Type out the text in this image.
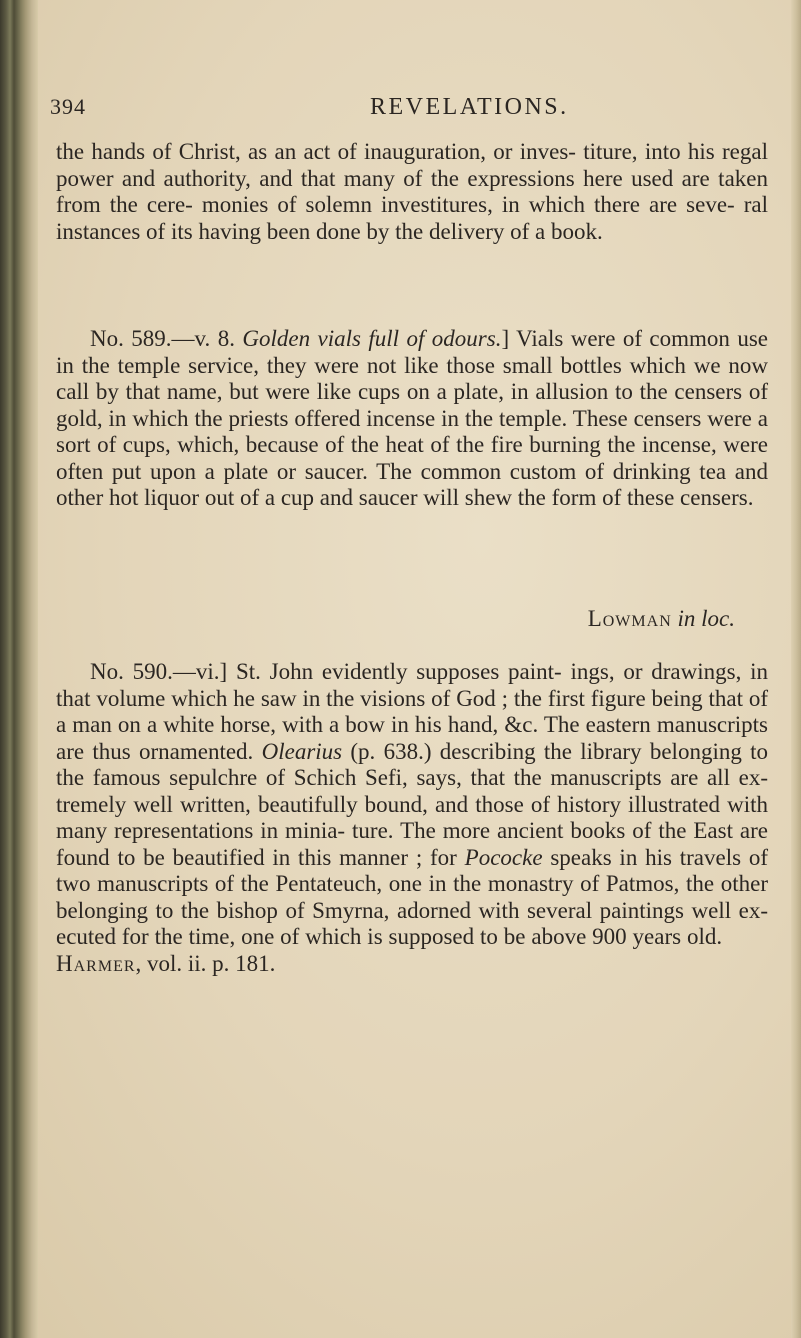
394	REVELATIONS.

the hands of Christ, as an act of inauguration, or inves- titure, into his regal power and authority, and that many of the expressions here used are taken from the cere- monies of solemn investitures, in which there are seve- ral instances of its having been done by the delivery of a book.

No. 589.—v. 8. Golden vials full of odours.] Vials were of common use in the temple service, they were not like those small bottles which we now call by that name, but were like cups on a plate, in allusion to the censers of gold, in which the priests offered incense in the temple. These censers were a sort of cups, which, because of the heat of the fire burning the incense, were often put upon a plate or saucer. The common custom of drinking tea and other hot liquor out of a cup and saucer will shew the form of these censers.

Lowman in loc.

No. 590.—vi.] St. John evidently supposes paint- ings, or drawings, in that volume which he saw in the visions of God ; the first figure being that of a man on a white horse, with a bow in his hand, &c. The eastern manuscripts are thus ornamented. Olearius (p. 638.) describing the library belonging to the famous sepulchre of Schich Sefi, says, that the manuscripts are all ex- tremely well written, beautifully bound, and those of history illustrated with many representations in minia- ture. The more ancient books of the East are found to be beautified in this manner ; for Pococke speaks in his travels of two manuscripts of the Pentateuch, one in the monastry of Patmos, the other belonging to the bishop of Smyrna, adorned with several paintings well ex- ecuted for the time, one of which is supposed to be above 900 years old. Harmer, vol. ii. p. 181.
